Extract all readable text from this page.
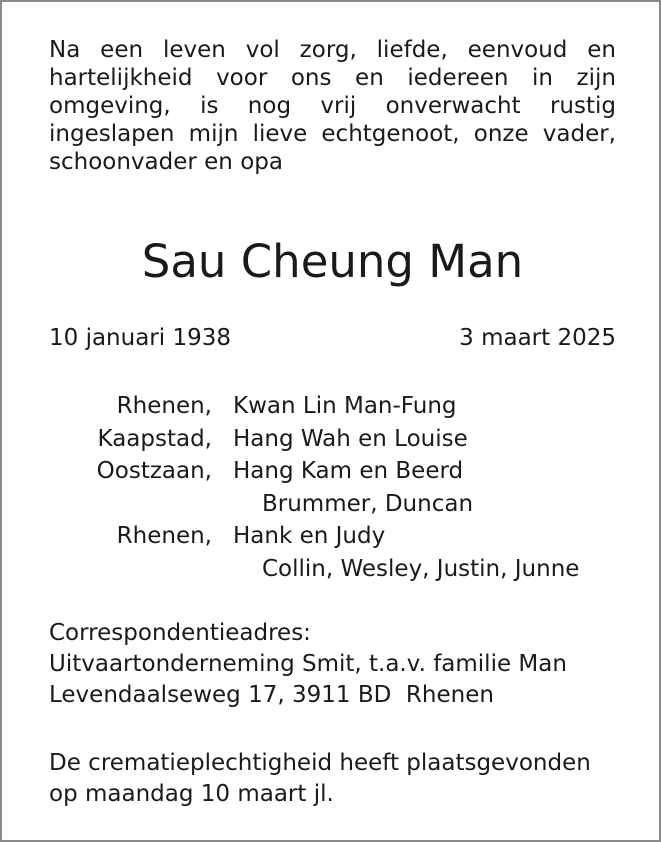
Na een leven vol zorg, liefde, eenvoud en hartelijkheid voor ons en iedereen in zijn omgeving, is nog vrij onverwacht rustig ingeslapen mijn lieve echtgenoot, onze vader, schoonvader en opa

Sau Cheung Man
10 januari 1938	3 maart 2025
Rhenen, Kwan Lin Man-Fung
Kaapstad, Hang Wah en Louise
Oostzaan, Hang Kam en Beerd
Brummer, Duncan
Rhenen, Hank en Judy
Collin, Wesley, Justin, Junne
Correspondentieadres:
Uitvaartonderneming Smit, t.a.v. familie Man
Levendaalseweg 17, 3911 BD  Rhenen
De crematieplechtigheid heeft plaatsgevonden
op maandag 10 maart jl.
